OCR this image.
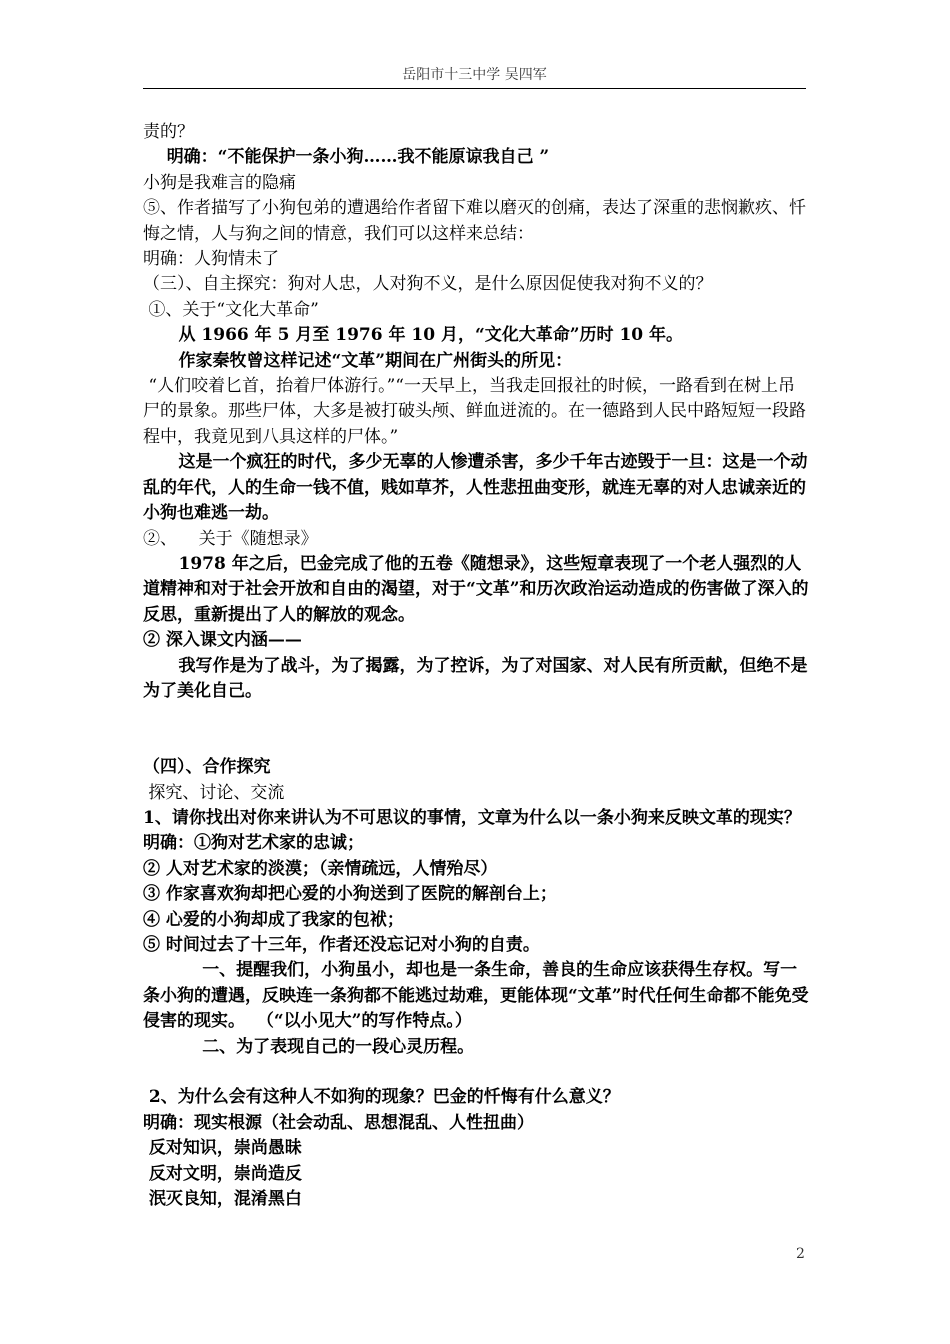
岳阳市十三中学 吴四军

责的？

明确：“不能保护一条小狗……我不能原谅我自己 ”

小狗是我难言的隐痛

⑤、作者描写了小狗包弟的遭遇给作者留下难以磨灭的创痛，表达了深重的悲悯歉疚、忏悔之情，人与狗之间的情意，我们可以这样来总结：

明确：人狗情未了

（三）、自主探究：狗对人忠，人对狗不义，是什么原因促使我对狗不义的？

①、关于“文化大革命”

从 1966 年 5 月至 1976 年 10 月，“文化大革命”历时 10 年。

作家秦牧曾这样记述“文革”期间在广州街头的所见：

“人们咬着匕首，抬着尸体游行。”“一天早上，当我走回报社的时候，一路看到在树上吊尸的景象。那些尸体，大多是被打破头颅、鲜血迸流的。在一德路到人民中路短短一段路程中，我竟见到八具这样的尸体。”

这是一个疯狂的时代，多少无辜的人惨遭杀害，多少千年古迹毁于一旦：这是一个动乱的年代，人的生命一钱不值，贱如草芥，人性悲扭曲变形，就连无辜的对人忠诚亲近的小狗也难逃一劫。

②、    关于《随想录》

1978 年之后，巴金完成了他的五卷《随想录》，这些短章表现了一个老人强烈的人道精神和对于社会开放和自由的渴望，对于“文革”和历次政治运动造成的伤害做了深入的反思，重新提出了人的解放的观念。

② 深入课文内涵——

我写作是为了战斗，为了揭露，为了控诉，为了对国家、对人民有所贡献，但绝不是为了美化自己。

（四）、合作探究

探究、讨论、交流

1、请你找出对你来讲认为不可思议的事情，文章为什么以一条小狗来反映文革的现实？

明确：①狗对艺术家的忠诚；

② 人对艺术家的淡漠；（亲情疏远，人情殆尽）

③ 作家喜欢狗却把心爱的小狗送到了医院的解剖台上；

④ 心爱的小狗却成了我家的包袱；

⑤ 时间过去了十三年，作者还没忘记对小狗的自责。

一、提醒我们，小狗虽小，却也是一条生命，善良的生命应该获得生存权。写一条小狗的遭遇，反映连一条狗都不能逃过劫难，更能体现“文革”时代任何生命都不能免受侵害的现实。  （“以小见大”的写作特点。）

二、为了表现自己的一段心灵历程。

2、为什么会有这种人不如狗的现象？巴金的忏悔有什么意义？

明确：现实根源（社会动乱、思想混乱、人性扭曲）

反对知识，崇尚愚昧

反对文明，崇尚造反

泯灭良知，混淆黑白

2
